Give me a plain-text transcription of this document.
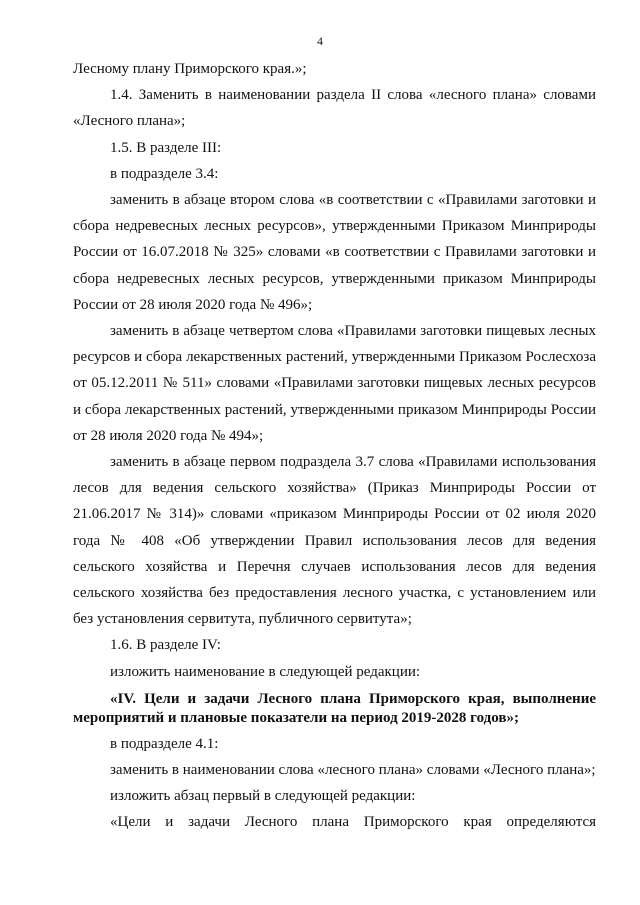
4

Лесному плану Приморского края.»;

1.4. Заменить в наименовании раздела II слова «лесного плана» словами «Лесного плана»;

1.5. В разделе III:

в подразделе 3.4:

заменить в абзаце втором слова «в соответствии с «Правилами заготовки и сбора недревесных лесных ресурсов», утвержденными Приказом Минприроды России от 16.07.2018 № 325» словами «в соответствии с Правилами заготовки и сбора недревесных лесных ресурсов, утвержденными приказом Минприроды России от 28 июля 2020 года № 496»;

заменить в абзаце четвертом слова «Правилами заготовки пищевых лесных ресурсов и сбора лекарственных растений, утвержденными Приказом Рослесхоза от 05.12.2011 № 511» словами «Правилами заготовки пищевых лесных ресурсов и сбора лекарственных растений, утвержденными приказом Минприроды России от 28 июля 2020 года № 494»;

заменить в абзаце первом подраздела 3.7 слова «Правилами использования лесов для ведения сельского хозяйства» (Приказ Минприроды России от 21.06.2017 № 314)» словами «приказом Минприроды России от 02 июля 2020 года № 408 «Об утверждении Правил использования лесов для ведения сельского хозяйства и Перечня случаев использования лесов для ведения сельского хозяйства без предоставления лесного участка, с установлением или без установления сервитута, публичного сервитута»;

1.6. В разделе IV:

изложить наименование в следующей редакции:

«IV. Цели и задачи Лесного плана Приморского края, выполнение мероприятий и плановые показатели на период 2019-2028 годов»;

в подразделе 4.1:

заменить в наименовании слова «лесного плана» словами «Лесного плана»;

изложить абзац первый в следующей редакции:

«Цели и задачи Лесного плана Приморского края определяются
